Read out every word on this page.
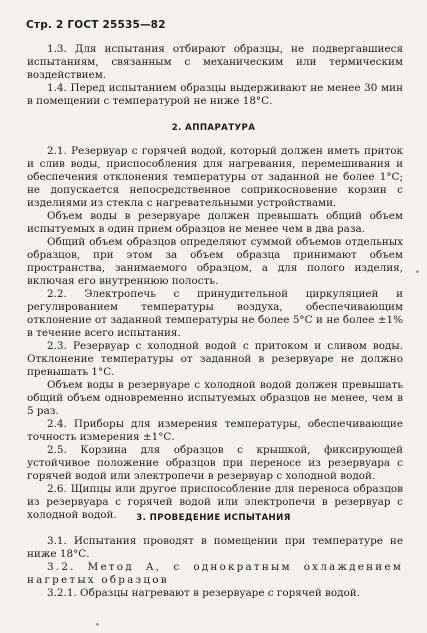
Стр. 2 ГОСТ 25535—82

1.3. Для испытания отбирают образцы, не подвергавшиеся испытаниям, связанным с механическим или термическим воздействием.

1.4. Перед испытанием образцы выдерживают не менее 30 мин в помещении с температурой не ниже 18°С.

2. АППАРАТУРА

2.1. Резервуар с горячей водой, который должен иметь приток и слив воды, приспособления для нагревания, перемешивания и обеспечения отклонения температуры от заданной не более 1°С; не допускается непосредственное соприкосновение корзин с изделиями из стекла с нагревательными устройствами.

Объем воды в резервуаре должен превышать общий объем испытуемых в один прием образцов не менее чем в два раза.

Общий объем образцов определяют суммой объемов отдельных образцов, при этом за объем образца принимают объем пространства, занимаемого образцом, а для полого изделия, включая его внутреннюю полость.

2.2. Электропечь с принудительной циркуляцией и регулированием температуры воздуха, обеспечивающим отклонение от заданной температуры не более 5°С и не более ±1% в течение всего испытания.

2.3. Резервуар с холодной водой с притоком и сливом воды. Отклонение температуры от заданной в резервуаре не должно превышать 1°С.

Объем воды в резервуаре с холодной водой должен превышать общий объем одновременно испытуемых образцов не менее, чем в 5 раз.

2.4. Приборы для измерения температуры, обеспечивающие точность измерения ±1°С.

2.5. Корзина для образцов с крышкой, фиксирующей устойчивое положение образцов при переносе из резервуара с горячей водой или электропечи в резервуар с холодной водой.

2.6. Щипцы или другое приспособление для переноса образцов из резервуара с горячей водой или электропечи в резервуар с холодной водой.	3. ПРОВЕДЕНИЕ ИСПЫТАНИЯ

3.1. Испытания проводят в помещении при температуре не ниже 18°С.

3.2. Метод А, с однократным охлаждением нагретых образцов

3.2.1. Образцы нагревают в резервуаре с горячей водой.
